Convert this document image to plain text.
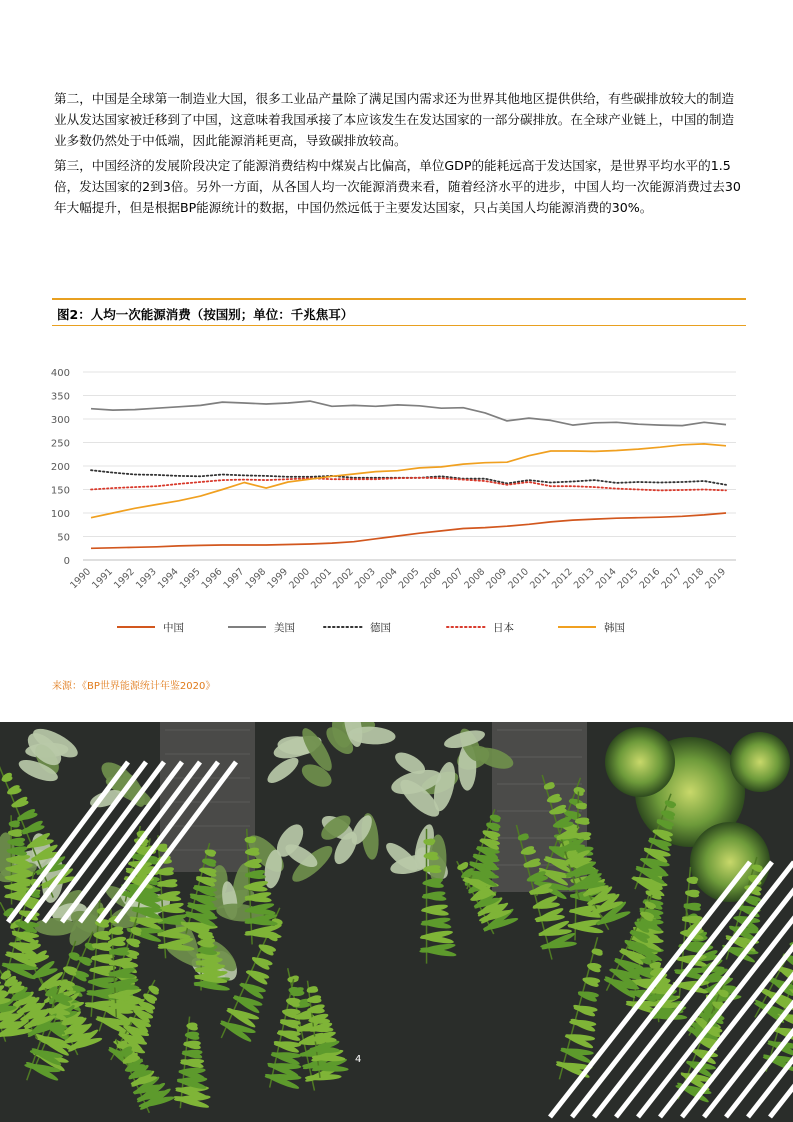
第二，中国是全球第一制造业大国，很多工业品产量除了满足国内需求还为世界其他地区提供供给，有些碳排放较大的制造业从发达国家被迁移到了中国，这意味着我国承接了本应该发生在发达国家的一部分碳排放。在全球产业链上，中国的制造业多数仍然处于中低端，因此能源消耗更高，导致碳排放较高。

第三，中国经济的发展阶段决定了能源消费结构中煤炭占比偏高，单位GDP的能耗远高于发达国家，是世界平均水平的1.5倍，发达国家的2到3倍。另外一方面，从各国人均一次能源消费来看，随着经济水平的进步，中国人均一次能源消费过去30年大幅提升，但是根据BP能源统计的数据，中国仍然远低于主要发达国家，只占美国人均能源消费的30%。

图2：人均一次能源消费（按国别；单位：千兆焦耳）
0
50
100
150
200
250
300
350
400
1990
1991
1992
1993
1994
1995
1996
1997
1998
1999
2000
2001
2002
2003
2004
2005
2006
2007
2008
2009
2010
2011
2012
2013
2014
2015
2016
2017
2018
2019
中国	美国	德国	日本	韩国
来源：《BP世界能源统计年鉴2020》
4
